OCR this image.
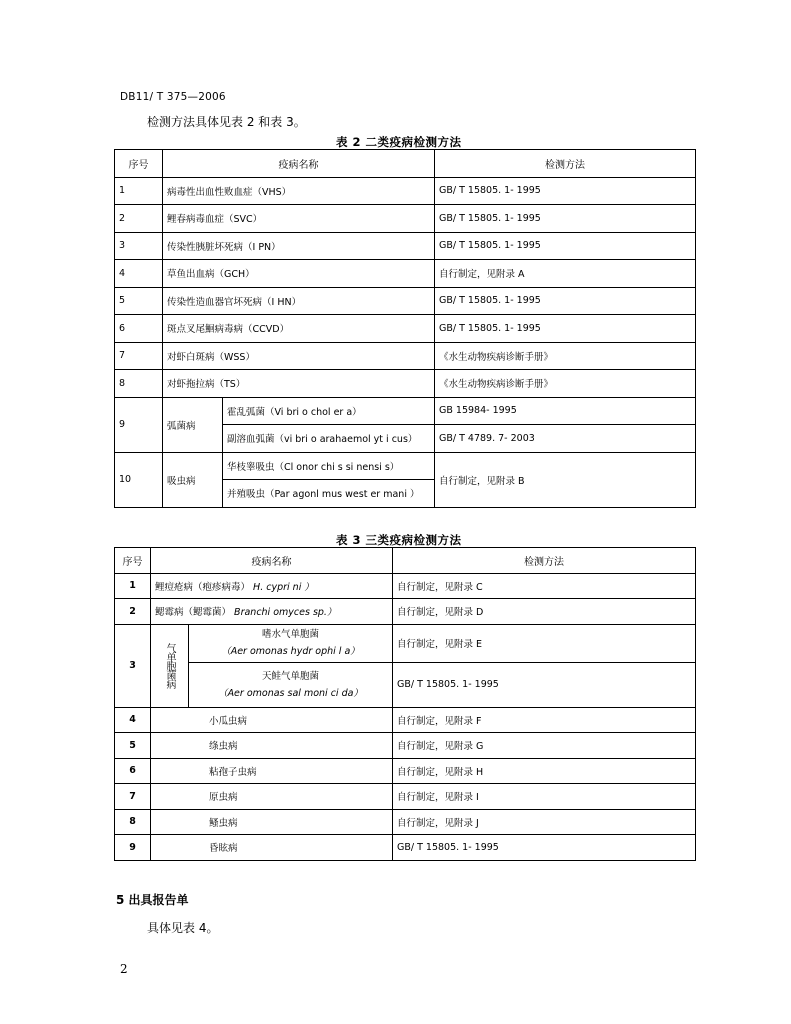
DB11/ T 375—2006
检测方法具体见表 2 和表 3。
表 2 二类疫病检测方法
序号	疫病名称		检测方法
1	病毒性出血性败血症（VHS）		GB/ T 15805. 1- 1995
2	鲤春病毒血症（SVC）		GB/ T 15805. 1- 1995
3	传染性胰脏坏死病（I PN）		GB/ T 15805. 1- 1995
4	草鱼出血病（GCH）		自行制定，见附录 A
5	传染性造血器官坏死病（I HN）		GB/ T 15805. 1- 1995
6	斑点叉尾鮰病毒病（CCVD）		GB/ T 15805. 1- 1995
7	对虾白斑病（WSS）		《水生动物疾病诊断手册》
8	对虾拖拉病（TS）		《水生动物疾病诊断手册》
9	弧菌病	霍乱弧菌（Vi bri o chol er a）	GB 15984- 1995
		副溶血弧菌（vi bri o arahaemol yt i cus）	GB/ T 4789. 7- 2003
10	吸虫病	华枝睾吸虫（Cl onor chi s si nensi s）	自行制定，见附录 B
		并殖吸虫（Par agonl mus west er mani ）	
表 3 三类疫病检测方法
序号	疫病名称		检测方法
1	鲤痘疮病（疱疹病毒） H. cypri ni ）		自行制定，见附录 C
2	鳃霉病（鳃霉菌） Branchi omyces sp.）		自行制定，见附录 D
3	气单胞菌病	嗜水气单胞菌
（Aer omonas hydr ophi l a）	自行制定，见附录 E

		天鲑气单胞菌
（Aer omonas sal moni ci da）	GB/ T 15805. 1- 1995
4	小瓜虫病		自行制定，见附录 F
5	绦虫病		自行制定，见附录 G
6	粘孢子虫病		自行制定，见附录 H
7	原虫病		自行制定，见附录 I
8	鳋虫病		自行制定，见附录 J
9	昏眩病		GB/ T 15805. 1- 1995
5 出具报告单
具体见表 4。
2
